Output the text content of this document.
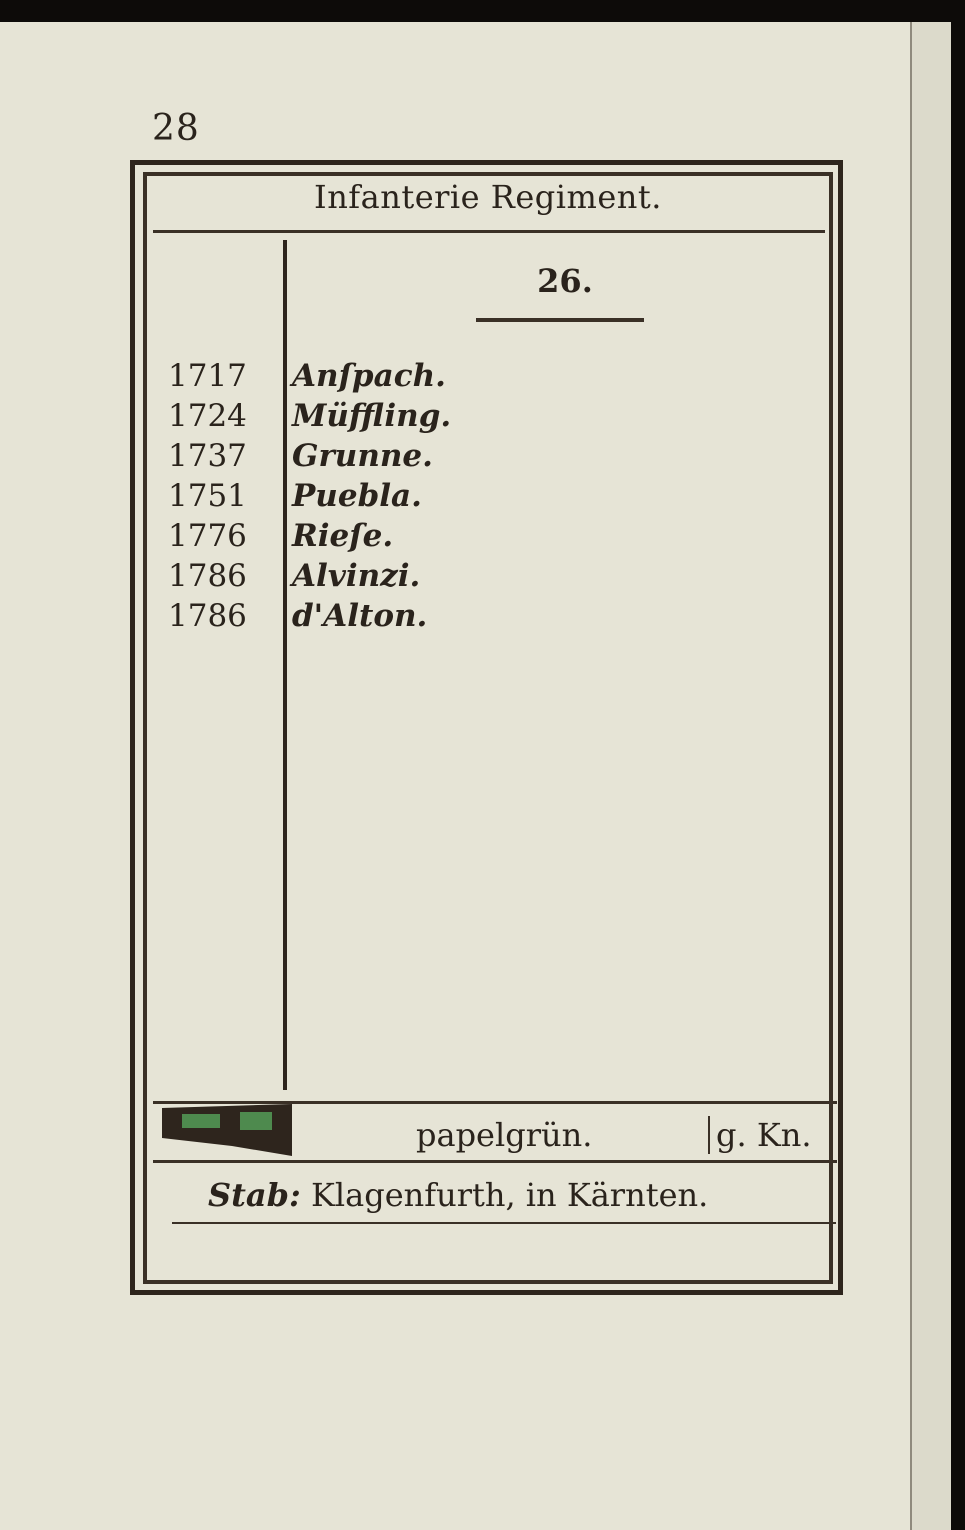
28
Infanterie Regiment.
26.
1717
1724
1737
1751
1776
1786
1786
Anſpach.
Müffling.
Grunne.
Puebla.
Rieſe.
Alvinzi.
d'Alton.
papelgrün.	g. Kn.
Stab: Klagenfurth, in Kärnten.
